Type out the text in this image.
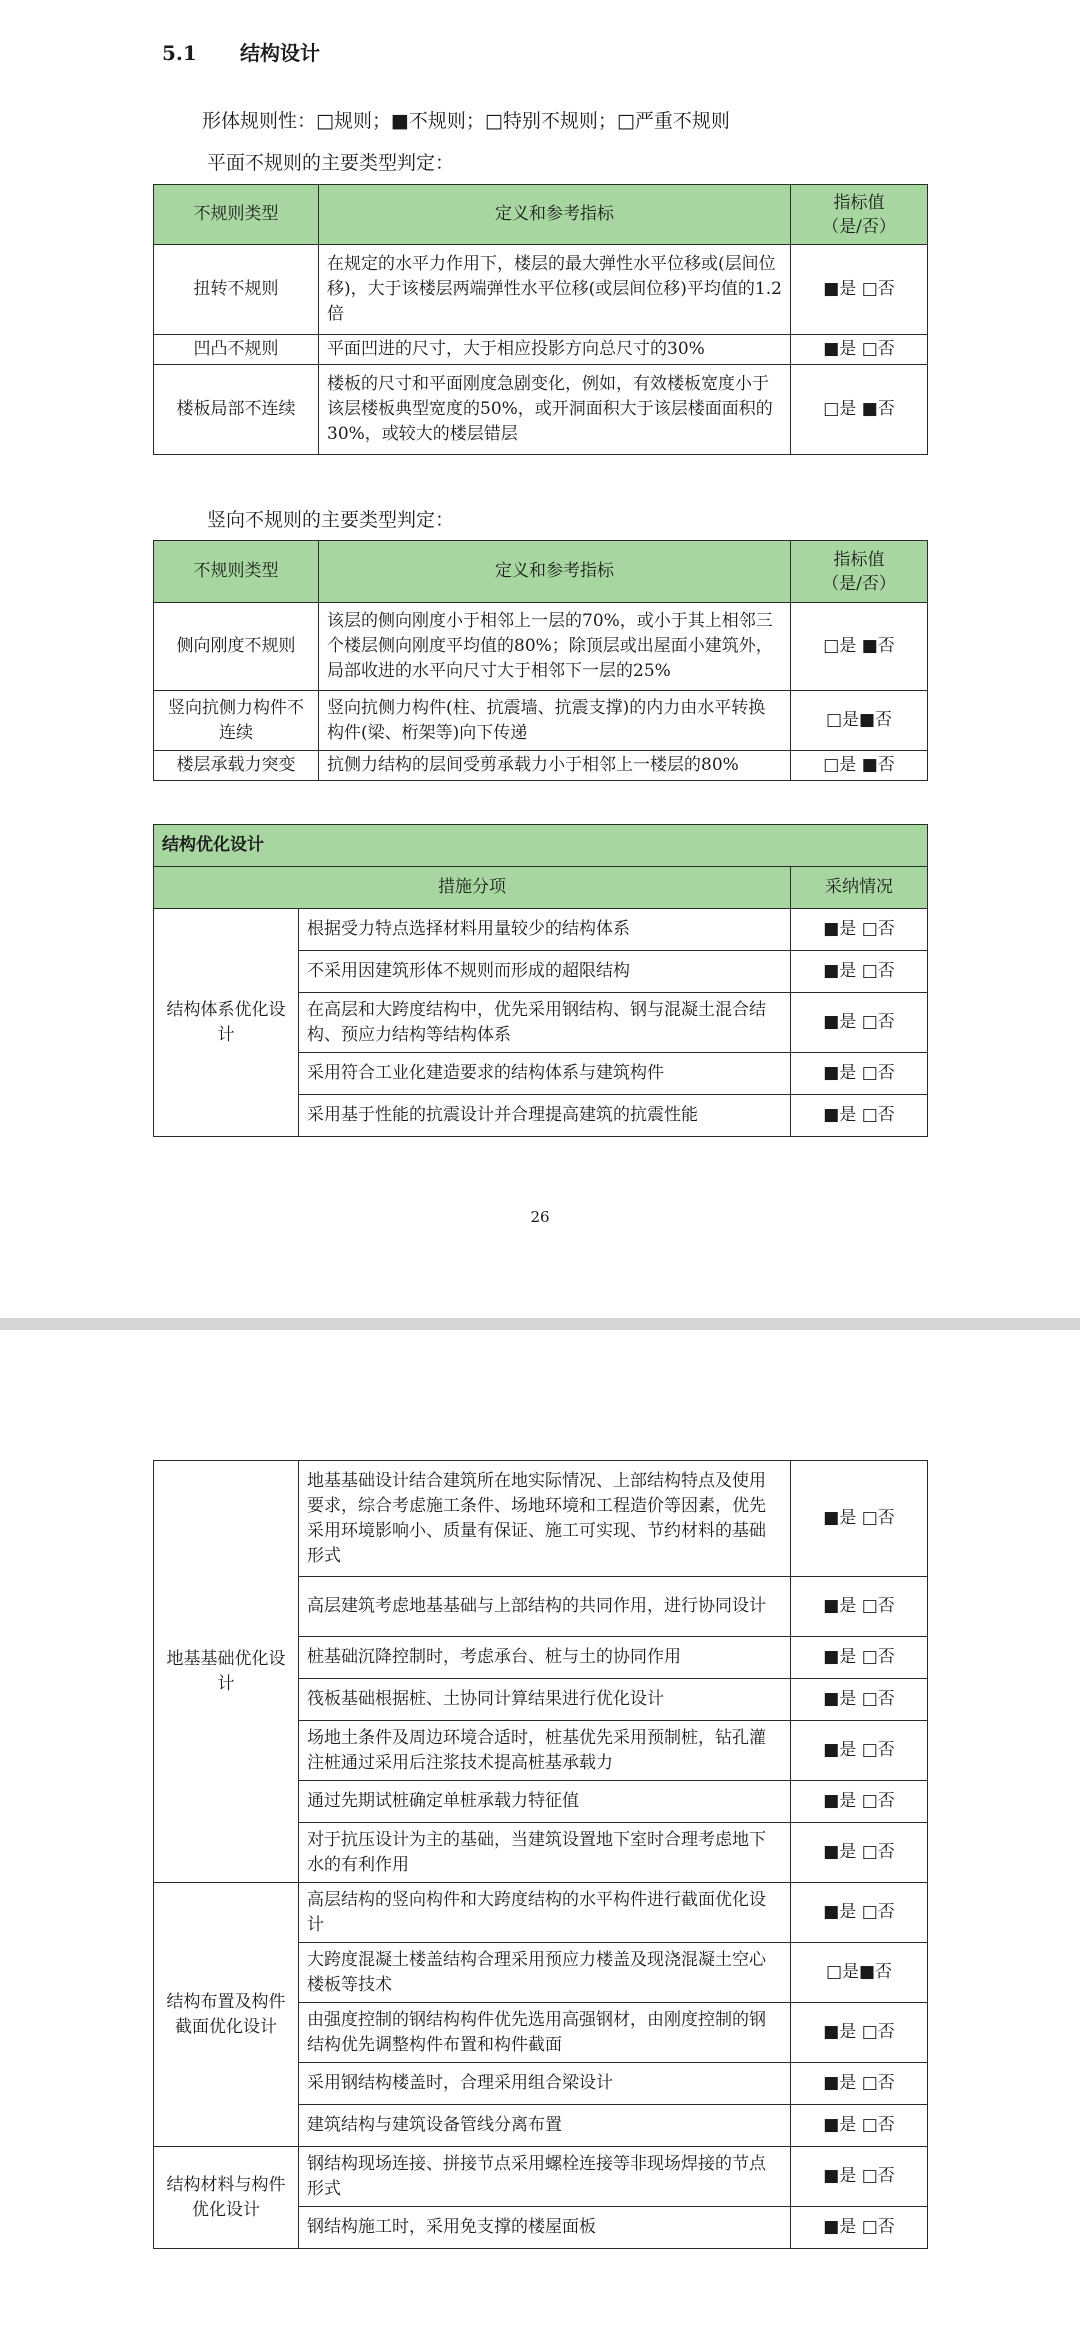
5.1 结构设计
形体规则性：□规则；■不规则；□特别不规则；□严重不规则
平面不规则的主要类型判定：
不规则类型	定义和参考指标	指标值
（是/否）
扭转不规则	在规定的水平力作用下，楼层的最大弹性水平位移或(层间位移)，大于该楼层两端弹性水平位移(或层间位移)平均值的1.2倍	■是 □否
凹凸不规则	平面凹进的尺寸，大于相应投影方向总尺寸的30%	■是 □否
楼板局部不连续	楼板的尺寸和平面刚度急剧变化，例如，有效楼板宽度小于该层楼板典型宽度的50%，或开洞面积大于该层楼面面积的30%，或较大的楼层错层	□是 ■否
竖向不规则的主要类型判定：
不规则类型	定义和参考指标	指标值
（是/否）
侧向刚度不规则	该层的侧向刚度小于相邻上一层的70%，或小于其上相邻三个楼层侧向刚度平均值的80%；除顶层或出屋面小建筑外，局部收进的水平向尺寸大于相邻下一层的25%	□是 ■否
竖向抗侧力构件不连续	竖向抗侧力构件(柱、抗震墙、抗震支撑)的内力由水平转换构件(梁、桁架等)向下传递	□是■否
楼层承载力突变	抗侧力结构的层间受剪承载力小于相邻上一楼层的80%	□是 ■否
结构优化设计		
措施分项		采纳情况
结构体系优化设计	根据受力特点选择材料用量较少的结构体系	■是 □否
	不采用因建筑形体不规则而形成的超限结构	■是 □否
	在高层和大跨度结构中，优先采用钢结构、钢与混凝土混合结构、预应力结构等结构体系	■是 □否
	采用符合工业化建造要求的结构体系与建筑构件	■是 □否
	采用基于性能的抗震设计并合理提高建筑的抗震性能	■是 □否
26
地基基础优化设计	地基基础设计结合建筑所在地实际情况、上部结构特点及使用要求，综合考虑施工条件、场地环境和工程造价等因素，优先采用环境影响小、质量有保证、施工可实现、节约材料的基础形式	■是 □否
	高层建筑考虑地基基础与上部结构的共同作用，进行协同设计	■是 □否
	桩基础沉降控制时，考虑承台、桩与土的协同作用	■是 □否
	筏板基础根据桩、土协同计算结果进行优化设计	■是 □否
	场地土条件及周边环境合适时，桩基优先采用预制桩，钻孔灌注桩通过采用后注浆技术提高桩基承载力	■是 □否
	通过先期试桩确定单桩承载力特征值	■是 □否
	对于抗压设计为主的基础，当建筑设置地下室时合理考虑地下水的有利作用	■是 □否
结构布置及构件截面优化设计	高层结构的竖向构件和大跨度结构的水平构件进行截面优化设计	■是 □否
	大跨度混凝土楼盖结构合理采用预应力楼盖及现浇混凝土空心楼板等技术	□是■否
	由强度控制的钢结构构件优先选用高强钢材，由刚度控制的钢结构优先调整构件布置和构件截面	■是 □否
	采用钢结构楼盖时，合理采用组合梁设计	■是 □否
	建筑结构与建筑设备管线分离布置	■是 □否
结构材料与构件优化设计	钢结构现场连接、拼接节点采用螺栓连接等非现场焊接的节点形式	■是 □否
	钢结构施工时，采用免支撑的楼屋面板	■是 □否
